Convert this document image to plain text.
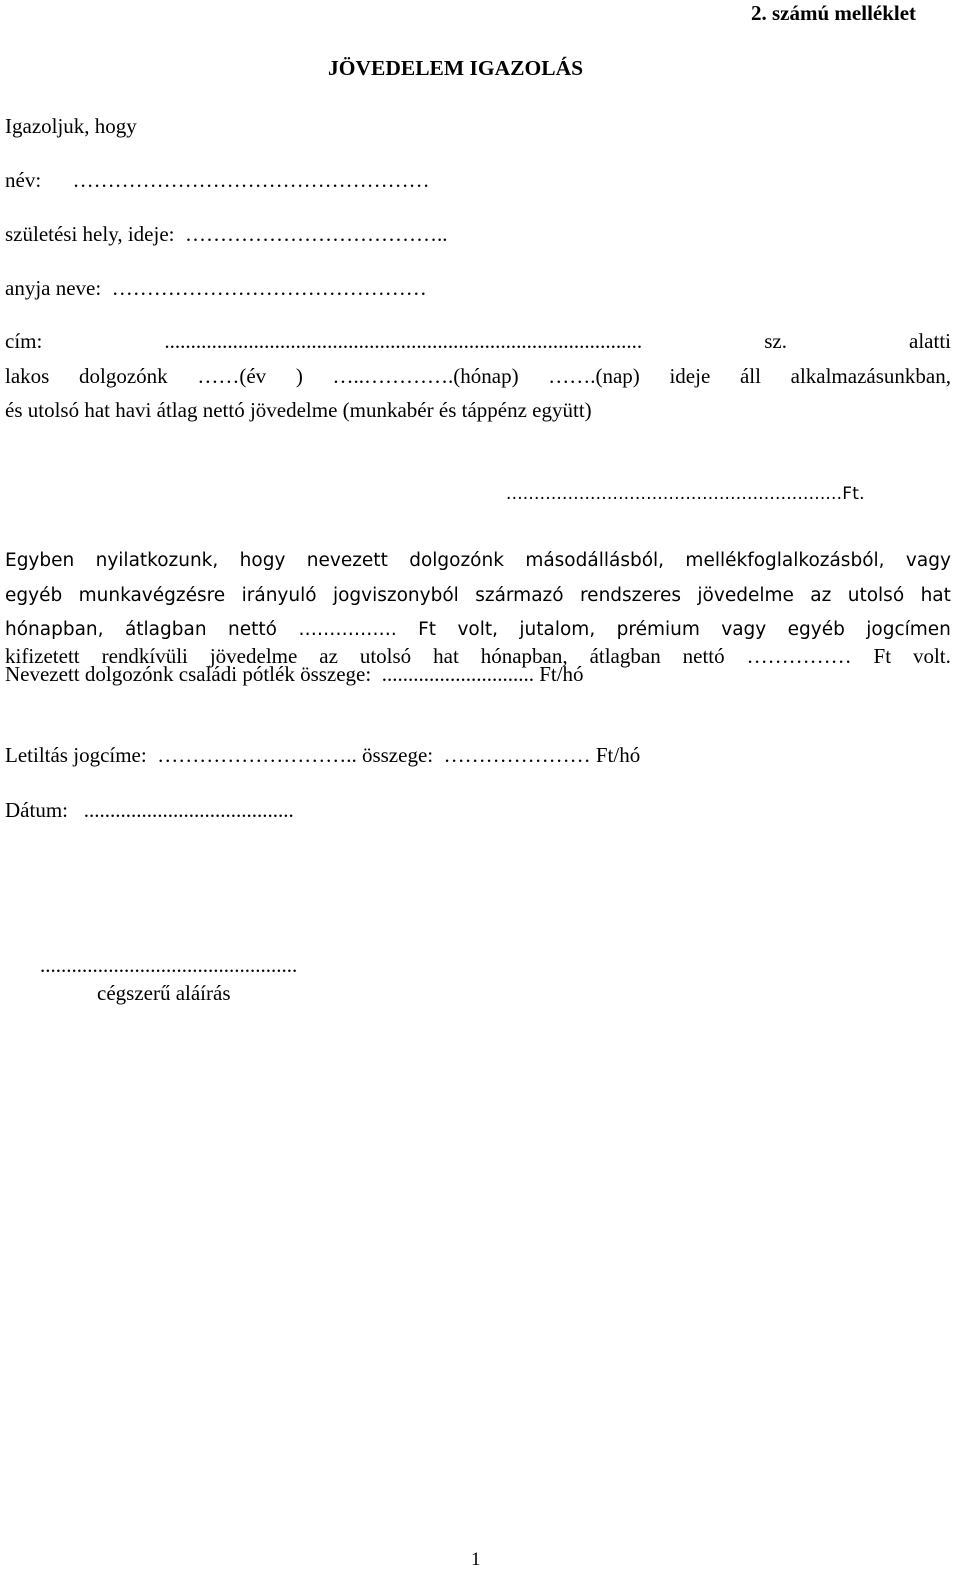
2. számú melléklet
JÖVEDELEM IGAZOLÁS
Igazoljuk, hogy
név:      ……………………………………………
születési hely, ideje:  ………………………………..
anyja neve:  ………………………………………
cím:	...........................................................................................	sz.	alatti
lakos dolgozónk ……(év ) …..………….(hónap) …….(nap) ideje áll alkalmazásunkban,
és utolsó hat havi átlag nettó jövedelme (munkabér és táppénz együtt)
............................................................Ft.
Egyben nyilatkozunk, hogy nevezett dolgozónk másodállásból, mellékfoglalkozásból, vagy
egyéb munkavégzésre irányuló jogviszonyból származó rendszeres jövedelme az utolsó hat
hónapban, átlagban nettó ……………. Ft volt, jutalom, prémium vagy egyéb jogcímen
kifizetett rendkívüli jövedelme az utolsó hat hónapban, átlagban nettó …………… Ft volt.
Nevezett dolgozónk családi pótlék összege:  ............................. Ft/hó
Letiltás jogcíme:  ……………………….. összege:  ………………… Ft/hó
Dátum:   ........................................
.................................................
cégszerű aláírás
1
